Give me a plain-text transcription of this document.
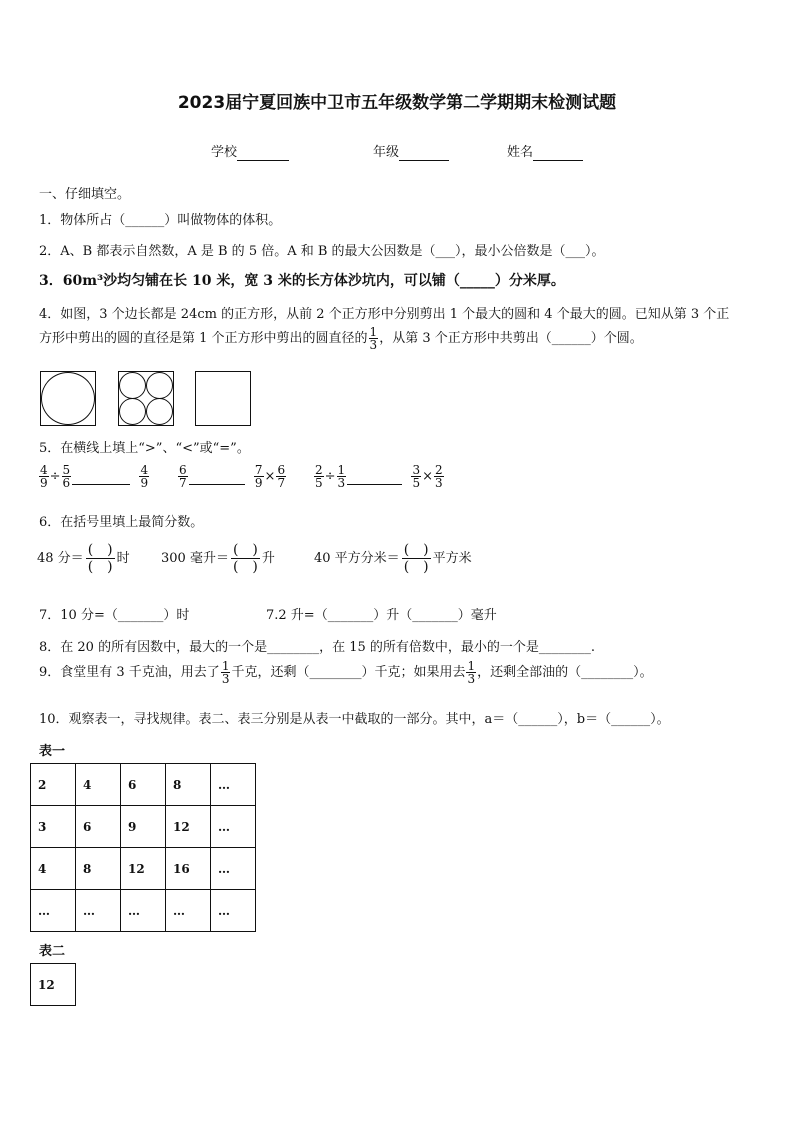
2023届宁夏回族中卫市五年级数学第二学期期末检测试题
学校	年级	姓名
一、仔细填空。
1．物体所占（______）叫做物体的体积。
2．A、B 都表示自然数，A 是 B 的 5 倍。A 和 B 的最大公因数是（___），最小公倍数是（___）。
3．60m³沙均匀铺在长 10 米，宽 3 米的长方体沙坑内，可以铺（_____）分米厚。
4．如图，3 个边长都是 24cm 的正方形，从前 2 个正方形中分别剪出 1 个最大的圆和 4 个最大的圆。已知从第 3 个正
方形中剪出的圆的直径是第 1 个正方形中剪出的圆直径的 $\frac{1}{3}$ ，从第 3 个正方形中共剪出（______）个圆。
5．在横线上填上“>”、“<”或“=”。
$\frac{4}{9} \div \frac{5}{6}$
	$\frac{4}{9} \frac{6}{7}$
	$\frac{7}{9} \times \frac{6}{7} \frac{2}{5} \div \frac{1}{3}$
	$\frac{3}{5} \times \frac{2}{3}$
6．在括号里填上最简分数。
48 分＝
(　)
(　)
时 300 毫升＝
(　)
(　)
升	40 平方分米＝
(　)
(　)
平方米
7．10 分=（_______）时	7.2 升=（_______）升（_______）毫升
8．在 20 的所有因数中，最大的一个是________，在 15 的所有倍数中，最小的一个是________.
9．食堂里有 3 千克油，用去了 $\frac{1}{3}$ 千克，还剩（________）千克；如果用去 $\frac{1}{3}$ ，还剩全部油的（________）。
10．观察表一，寻找规律。表二、表三分别是从表一中截取的一部分。其中，a＝（______），b＝（______）。
表一
2	4	6	8	…
3	6	9	12	…
4	8	12	16	…
…	…	…	…	…
表二
12
